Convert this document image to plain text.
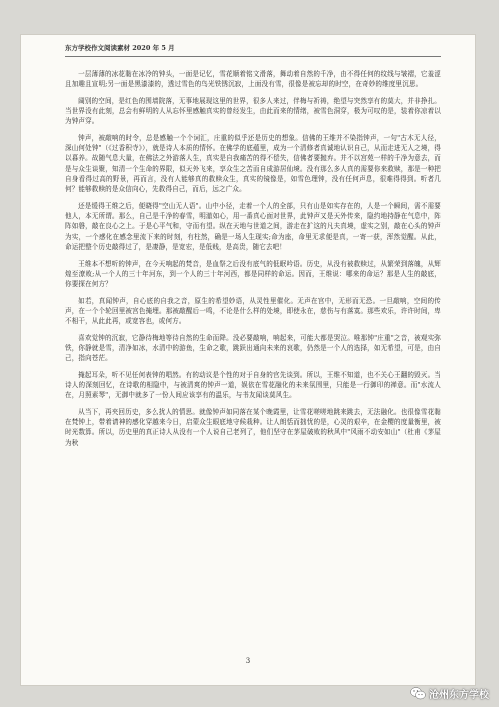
东方学校作文阅读素材 2020 年 5 月

一层薄薄的冰花黏在冰冷的钟头，一面是记忆，雪花顺着铭文滑落，舞动着自然的千净，由不得任何的纹线与皱褶，它羞涩且加趣且宣明;另一面是黑漆漆的，透过雪色的鸟光铁锈沉寂，上面没有雪，很像是被忘却的时空，在奇妙的维度里沉思。

阔别的空间，是红色的围墙院落，无事地展现这里的世界，很多人来过，伴梅与祈祷，绝望与突然享有的莫大，并非挣扎。当世界没有此刻，总会有鲜明的人从忘怀里感触真实的曾经发生，由此而来的情绪，被雪色洞穿，极为可叹的是，装着你凉着以为钟声穿。

钟声，被敲响的时令，总是感触一个个词汇，庄重的似乎还是历史的想象。信佛的王维并不染指钟声，一句"古木无人径，深山何处钟"（《过香积寺》），就是诗人本质的情怀。在佛学的底蕴里，成为一个清修者真诚地认识自己，从而走进无人之境，得以暮养。故随气息大量，在佛法之外游落人生，真实是自我痛苦的得不偿失，信佛者要抛弃。并不以宫苑一样的千净为意去，而是与众生谈聚，知清一个生命的界限，似天外飞来，享众生之苦而自成游居仙境。没有那么多人真的需要你来救赎，那是一种把自身看得过高的野景，再而言，没有人能够真的救赎众生，真实的镜像是，如雪色理钟，没有任何声息，很难得得到。听者几何？能够救赎的是众信向心，先救得自己，而后，远之广众。

还是缓得王维之后，便晓得"空山无人语"。山中小径，走着一个人的全部，只有山是如实存在的，人是一个瞬间，需不需要他人，本无所谓。那么，自己是千净的春雪，明澈如心，用一番真心面对世界，此钟声又是天外传来，隐约地持静在气息中，阵阵如磐，敲在良心之上。于是心平气和，守而有望。纵在天地与世道之间，游走在扩这的凡夫真境，虚实之别，敲在心头的钟声为实，一个感化在感念里流下来的时刻，有柱然，确是一场人生现实;命为座，命里无求便是真，一寄一获，浑然觉醒。从此，命运把整个历史敲得过了，是凄静，是宽宏，是低贱，是高贵，随它去吧！

王维本不想听的钟声，在今天响起的梵音，是血祭之后没有底气的低眠吟语。历史，从没有被救赎过，从繁荣到落魄，从辉煌至潦败;从一个人的三十年河东，到一个人的三十年河西，都是同样的命运。因而，王维说：哪来的命运？那是人生的敲底，你要探在何方？

如若，真闻钟声，自心底的自我之音，原生的希望妙语，从灵性里催化。无声在宫中，无形而无恐。一旦敲响，空间的传声，在一个个轮回里被宫色掩埋。那被敲醒后一鸣，不论是什么样的处境，即使永在，慈伤与有落寞。那些欢乐，许许时间，卑不相干，从此此再，或宽容也，或何方。

喜欢觉钟的沉寂，它静待梅地等待自然的生命而降。没必要敲响，响起来，可能大都是哭泣。唯那钟"庄重"之音，被观实弥铁，你静就是雪，清净如冰，水清中的游鱼，生命之歌，跳跃出通向未来的哀歌，仍然是一个人的选择，如无希望，可是，由自己，指向苍茫。

掩起耳朵，听不见任何表钟的唱然。有的动议是个性的对于自身的官先谈到。所以，王维不知道，也不关心王翻的毁灭。当诗人的深刻回忆，在诗歌的相隐中，与被清爽的钟声一道，娱依在雪花融化的未来氛围里，只能是一行御印的禅意。而"水流人在，月照素琴"，无御中就多了一份人间应该享有的温乐，与书友闻谈莫风生。

从当下，再夹回历史，多么扰人的情思。就像钟声如同落在某个晚霞里，让雪花嗟嗟地跳来跳去，无法融化。也很像雪花黏在梵钟上，带着请神的感化穿越来今日，启蒙众生眼底地守候栽种。让人朗恬而拙忧的是，心灵的艰辛，在金樱的度量衡里，被时光数算。所以，历史里的真正诗人从没有一个人说自己老列了，他们坚守在茅屋破败的秋风中"风雨不动安如山"（杜甫《茅屋为秋

3
沧州东方学校
